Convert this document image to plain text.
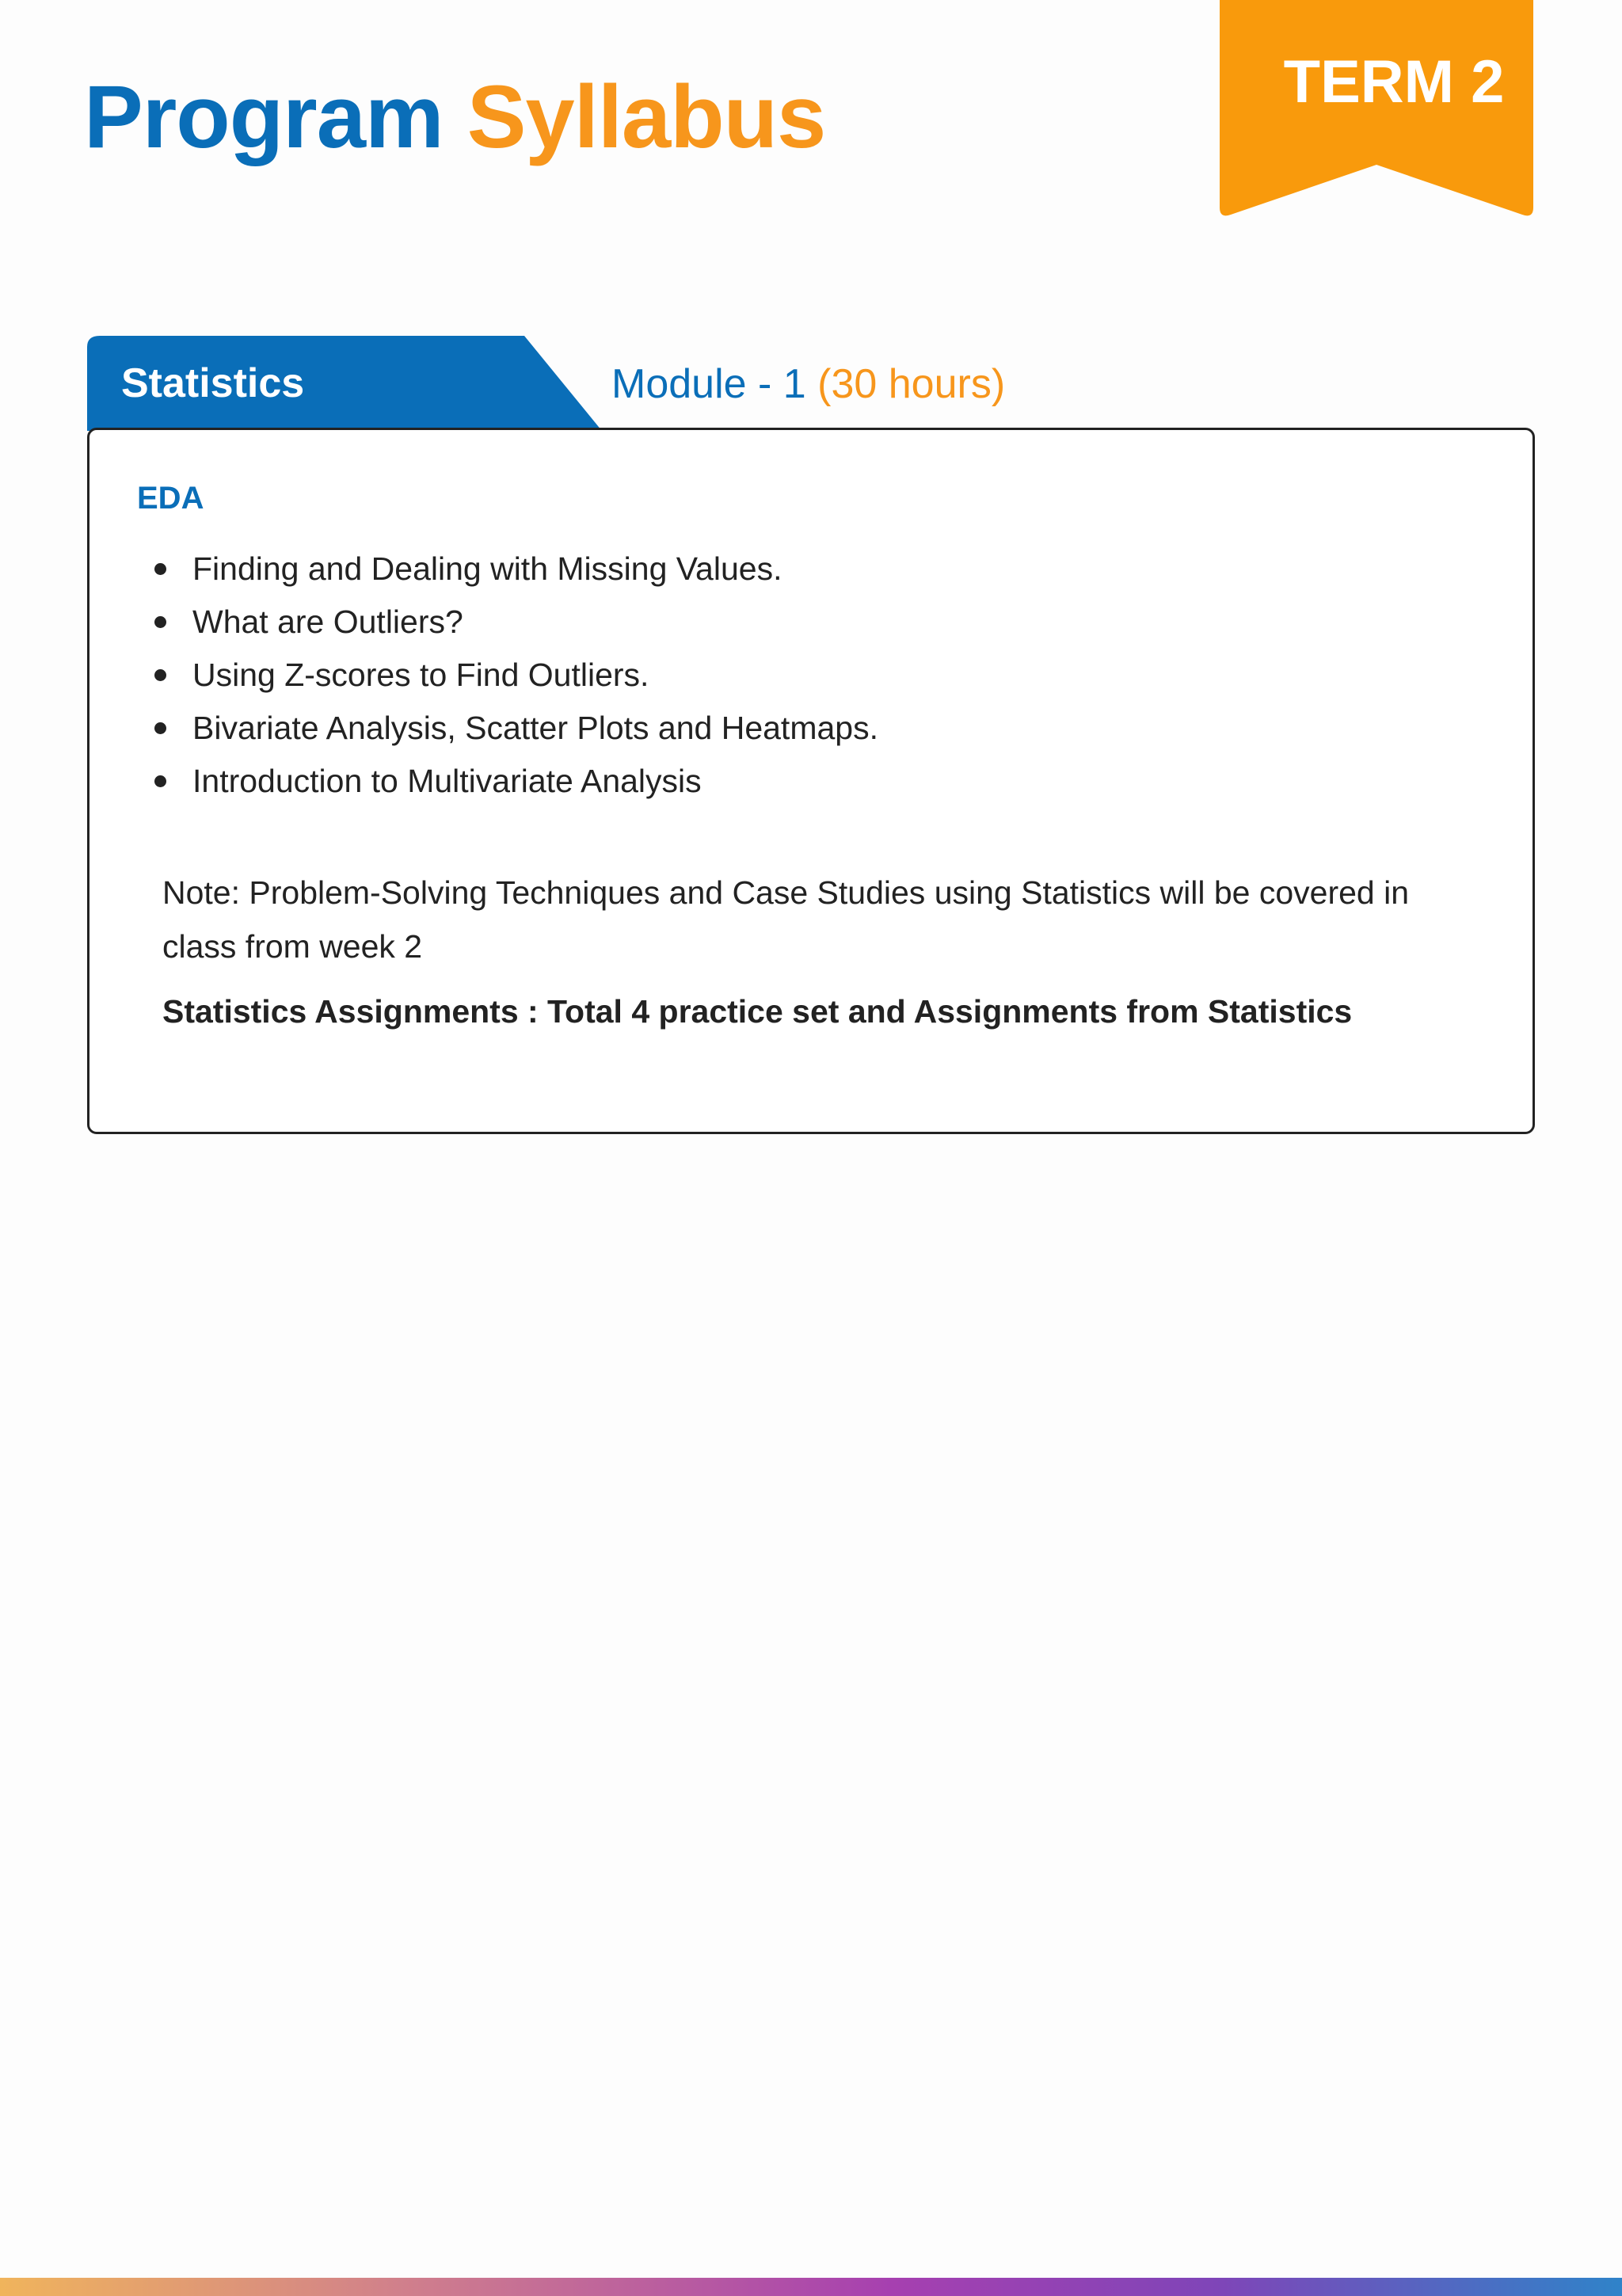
Program Syllabus	TERM 2
Statistics	Module - 1 (30 hours)
EDA
Finding and Dealing with Missing Values.
What are Outliers?
Using Z-scores to Find Outliers.
Bivariate Analysis, Scatter Plots and Heatmaps.
Introduction to Multivariate Analysis

Note: Problem-Solving Techniques and Case Studies using Statistics will be covered in class from week 2

Statistics Assignments : Total 4 practice set and Assignments from Statistics
